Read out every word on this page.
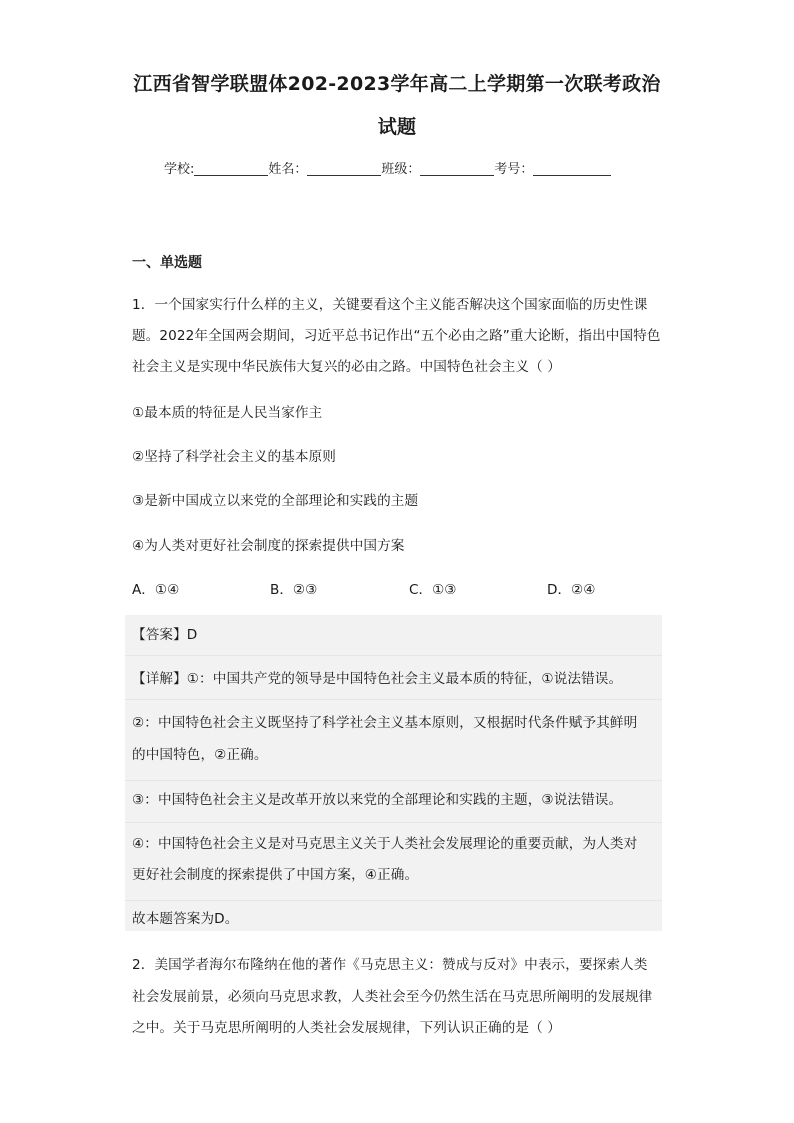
江西省智学联盟体202-2023学年高二上学期第一次联考政治
试题
学校:	姓名：	班级：	考号：
一、单选题
1．一个国家实行什么样的主义，关键要看这个主义能否解决这个国家面临的历史性课
题。2022年全国两会期间，习近平总书记作出“五个必由之路”重大论断，指出中国特色
社会主义是实现中华民族伟大复兴的必由之路。中国特色社会主义（ ）
①最本质的特征是人民当家作主
②坚持了科学社会主义的基本原则
③是新中国成立以来党的全部理论和实践的主题
④为人类对更好社会制度的探索提供中国方案
A．①④	B．②③	C．①③	D．②④
【答案】D
【详解】①：中国共产党的领导是中国特色社会主义最本质的特征，①说法错误。
②：中国特色社会主义既坚持了科学社会主义基本原则，又根据时代条件赋予其鲜明
的中国特色，②正确。
③：中国特色社会主义是改革开放以来党的全部理论和实践的主题，③说法错误。
④：中国特色社会主义是对马克思主义关于人类社会发展理论的重要贡献，为人类对
更好社会制度的探索提供了中国方案，④正确。
故本题答案为D。
2．美国学者海尔布隆纳在他的著作《马克思主义：赞成与反对》中表示，要探索人类
社会发展前景，必须向马克思求教，人类社会至今仍然生活在马克思所阐明的发展规律
之中。关于马克思所阐明的人类社会发展规律，下列认识正确的是（ ）
